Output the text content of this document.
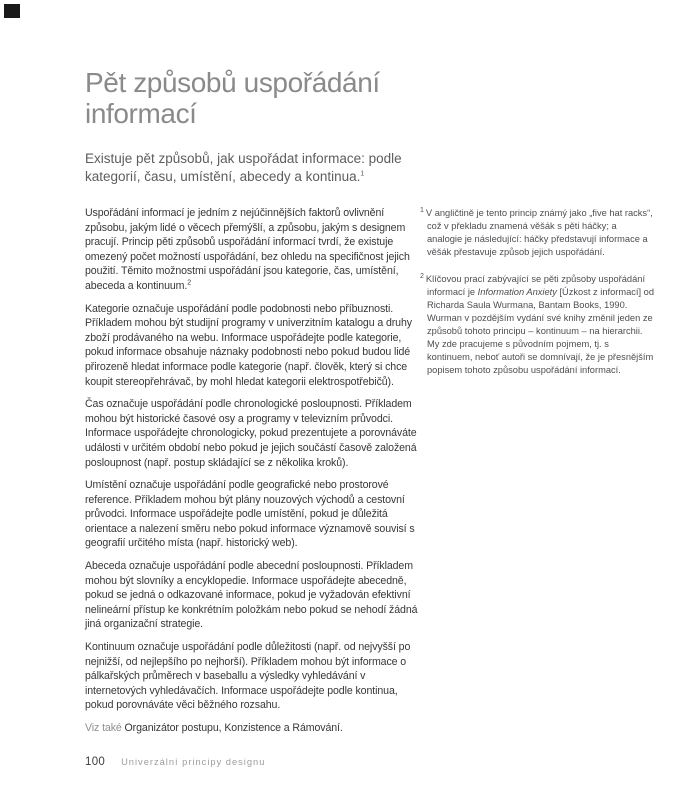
Pět způsobů uspořádání informací

Existuje pět způsobů, jak uspořádat informace: podle kategorií, času, umístění, abecedy a kontinua.$^1$

Uspořádání informací je jedním z nejúčinnějších faktorů ovlivnění způsobu, jakým lidé o věcech přemýšlí, a způsobu, jakým s designem pracují. Princip pěti způsobů uspořádání informací tvrdí, že existuje omezený počet možností uspořádání, bez ohledu na specifičnost jejich použití. Těmito možnostmi uspořádání jsou kategorie, čas, umístění, abeceda a kontinuum.$^2$

Kategorie označuje uspořádání podle podobnosti nebo příbuznosti. Příkladem mohou být studijní programy v univerzitním katalogu a druhy zboží prodávaného na webu. Informace uspořádejte podle kategorie, pokud informace obsahuje náznaky podobnosti nebo pokud budou lidé přirozeně hledat informace podle kategorie (např. člověk, který si chce koupit stereopřehrávač, by mohl hledat kategorii elektrospotřebičů).

Čas označuje uspořádání podle chronologické posloupnosti. Příkladem mohou být historické časové osy a programy v televizním průvodci. Informace uspořádejte chronologicky, pokud prezentujete a porovnáváte události v určitém období nebo pokud je jejich součástí časově založená posloupnost (např. postup skládající se z několika kroků).

Umístění označuje uspořádání podle geografické nebo prostorové reference. Příkladem mohou být plány nouzových východů a cestovní průvodci. Informace uspořádejte podle umístění, pokud je důležitá orientace a nalezení směru nebo pokud informace významově souvisí s geografií určitého místa (např. historický web).

Abeceda označuje uspořádání podle abecední posloupnosti. Příkladem mohou být slovníky a encyklopedie. Informace uspořádejte abecedně, pokud se jedná o odkazované informace, pokud je vyžadován efektivní nelineární přístup ke konkrétním položkám nebo pokud se nehodí žádná jiná organizační strategie.

Kontinuum označuje uspořádání podle důležitosti (např. od nejvyšší po nejnižší, od nejlepšího po nejhorší). Příkladem mohou být informace o pálkařských průměrech v baseballu a výsledky vyhledávání v internetových vyhledávačích. Informace uspořádejte podle kontinua, pokud porovnáváte věci běžného rozsahu.

Viz také Organizátor postupu, Konzistence a Rámování.

$^1$ V angličtině je tento princip známý jako „five hat racks“, což v překladu znamená věšák s pěti háčky; a analogie je následující: háčky představují informace a věšák přestavuje způsob jejich uspořádání.
$^2$ Klíčovou prací zabývající se pěti způsoby uspořádání informací je Information Anxiety [Úzkost z informací] od Richarda Saula Wurmana, Bantam Books, 1990. Wurman v pozdějším vydání své knihy změnil jeden ze způsobů tohoto principu – kontinuum – na hierarchii. My zde pracujeme s původním pojmem, tj. s kontinuem, neboť autoři se domnívají, že je přesnějším popisem tohoto způsobu uspořádání informací.
100 Univerzální principy designu
